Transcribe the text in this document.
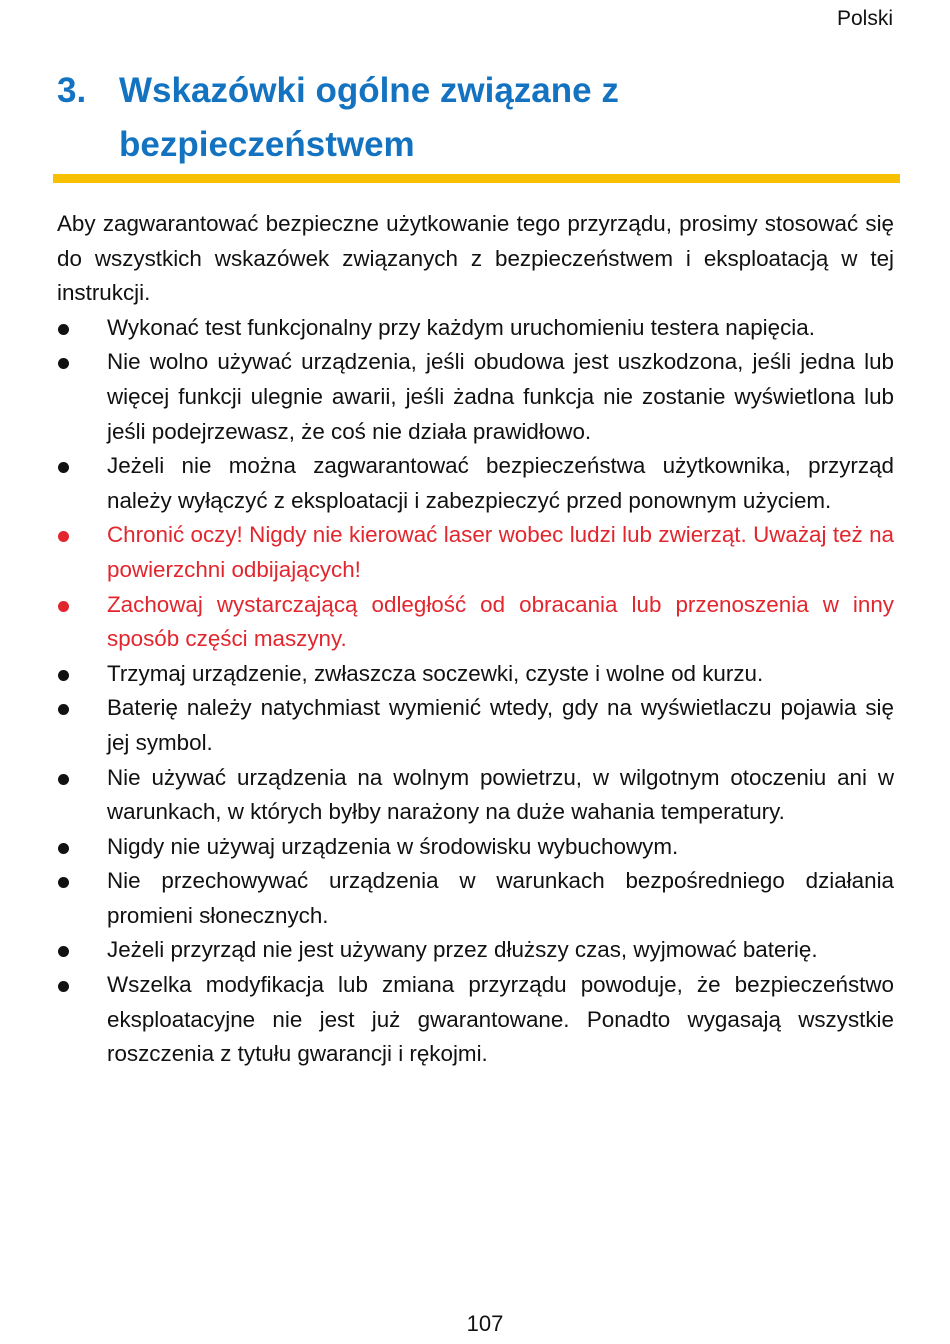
Polski
3. Wskazówki ogólne związane z
bezpieczeństwem

Aby zagwarantować bezpieczne użytkowanie tego przyrządu, prosimy stosować się do wszystkich wskazówek związanych z bezpieczeństwem i eksploatacją w tej instrukcji.

Wykonać test funkcjonalny przy każdym uruchomieniu testera napięcia.
Nie wolno używać urządzenia, jeśli obudowa jest uszkodzona, jeśli jedna lub więcej funkcji ulegnie awarii, jeśli żadna funkcja nie zostanie wyświetlona lub jeśli podejrzewasz, że coś nie działa prawidłowo.
Jeżeli nie można zagwarantować bezpieczeństwa użytkownika, przyrząd należy wyłączyć z eksploatacji i zabezpieczyć przed ponownym użyciem.
Chronić oczy! Nigdy nie kierować laser wobec ludzi lub zwierząt. Uważaj też na powierzchni odbijających!
Zachowaj wystarczającą odległość od obracania lub przenoszenia w inny sposób części maszyny.
Trzymaj urządzenie, zwłaszcza soczewki, czyste i wolne od kurzu.
Baterię należy natychmiast wymienić wtedy, gdy na wyświetlaczu pojawia się jej symbol.
Nie używać urządzenia na wolnym powietrzu, w wilgotnym otoczeniu ani w warunkach, w których byłby narażony na duże wahania temperatury.
Nigdy nie używaj urządzenia w środowisku wybuchowym.
Nie przechowywać urządzenia w warunkach bezpośredniego działania promieni słonecznych.
Jeżeli przyrząd nie jest używany przez dłuższy czas, wyjmować baterię.
Wszelka modyfikacja lub zmiana przyrządu powoduje, że bezpieczeństwo eksploatacyjne nie jest już gwarantowane. Ponadto wygasają wszystkie roszczenia z tytułu gwarancji i rękojmi.
107
